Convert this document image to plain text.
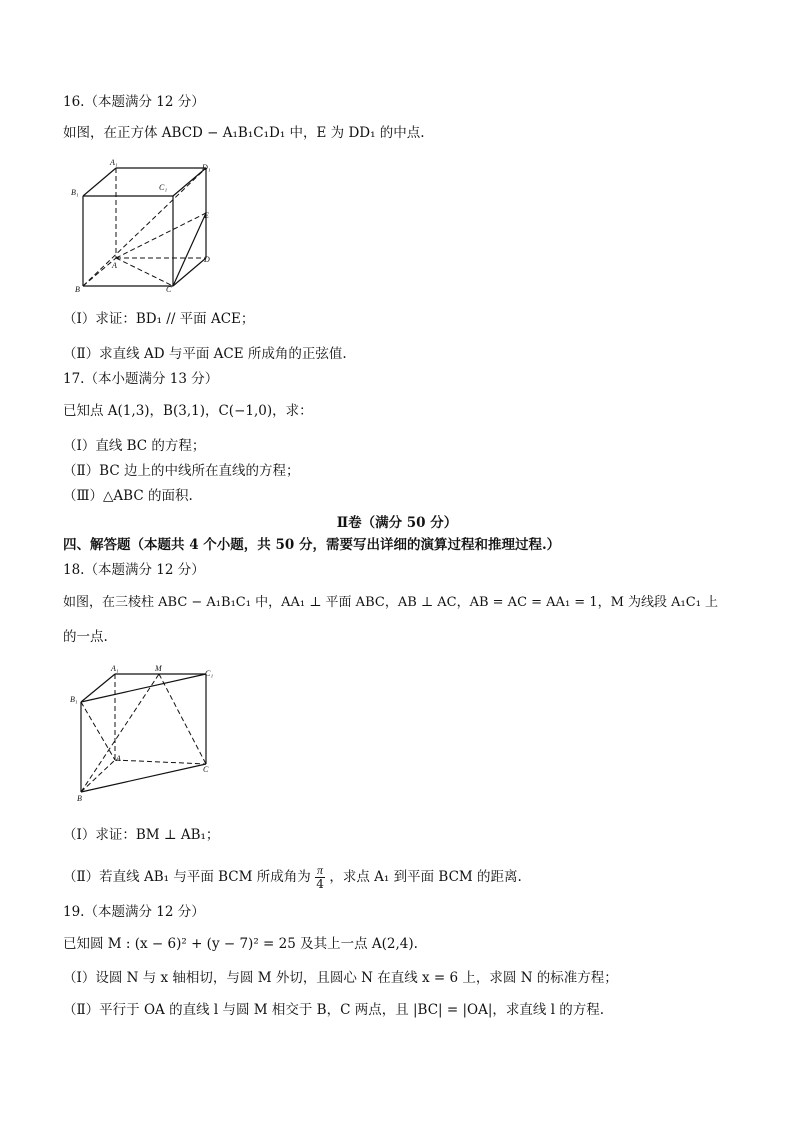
16.（本题满分 12 分）
如图，在正方体 ABCD − A₁B₁C₁D₁ 中，E 为 DD₁ 的中点.
A₁
D₁
B₁
C₁
E
A
D
B	C
（Ⅰ）求证：BD₁ // 平面 ACE；
（Ⅱ）求直线 AD 与平面 ACE 所成角的正弦值.
17.（本小题满分 13 分）
已知点 A(1,3)，B(3,1)，C(−1,0)，求：
（Ⅰ）直线 BC 的方程；
（Ⅱ）BC 边上的中线所在直线的方程；
（Ⅲ）△ABC 的面积.
Ⅱ卷（满分 50 分）
四、解答题（本题共 4 个小题，共 50 分，需要写出详细的演算过程和推理过程.）
18.（本题满分 12 分）
如图，在三棱柱 ABC − A₁B₁C₁ 中，AA₁ ⊥ 平面 ABC，AB ⊥ AC，AB = AC = AA₁ = 1，M 为线段 A₁C₁ 上
的一点.
A₁	M
C₁
B₁
A
C
B
（Ⅰ）求证：BM ⊥ AB₁；
（Ⅱ）若直线 AB₁ 与平面 BCM 所成角为 $\frac{\pi}{4}$ ，求点 A₁ 到平面 BCM 的距离.
19.（本题满分 12 分）
已知圆 M : (x − 6)² + (y − 7)² = 25 及其上一点 A(2,4).
（Ⅰ）设圆 N 与 x 轴相切，与圆 M 外切，且圆心 N 在直线 x = 6 上，求圆 N 的标准方程；
（Ⅱ）平行于 OA 的直线 l 与圆 M 相交于 B，C 两点，且 |BC| = |OA|，求直线 l 的方程.
